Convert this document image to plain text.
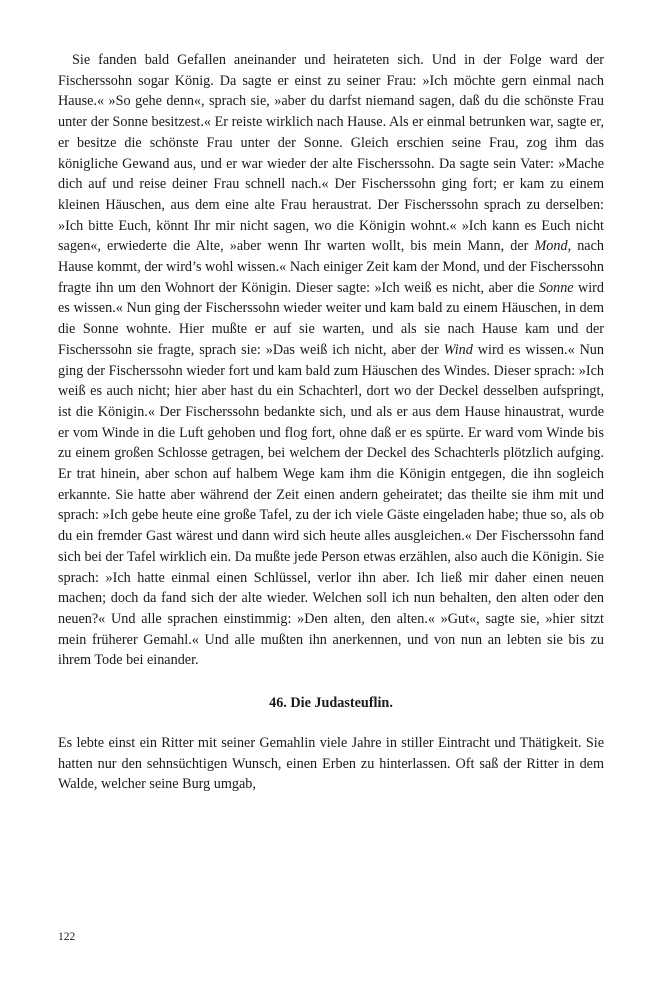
Sie fanden bald Gefallen aneinander und heirateten sich. Und in der Folge ward der Fischerssohn sogar König. Da sagte er einst zu seiner Frau: »Ich möchte gern einmal nach Hause.« »So gehe denn«, sprach sie, »aber du darfst niemand sagen, daß du die schönste Frau unter der Sonne besitzest.« Er reiste wirklich nach Hause. Als er einmal betrunken war, sagte er, er besitze die schönste Frau unter der Sonne. Gleich erschien seine Frau, zog ihm das königliche Gewand aus, und er war wieder der alte Fischerssohn. Da sagte sein Vater: »Mache dich auf und reise deiner Frau schnell nach.« Der Fischerssohn ging fort; er kam zu einem kleinen Häuschen, aus dem eine alte Frau heraustrat. Der Fischerssohn sprach zu derselben: »Ich bitte Euch, könnt Ihr mir nicht sagen, wo die Königin wohnt.« »Ich kann es Euch nicht sagen«, erwiederte die Alte, »aber wenn Ihr warten wollt, bis mein Mann, der Mond, nach Hause kommt, der wird’s wohl wissen.« Nach einiger Zeit kam der Mond, und der Fischerssohn fragte ihn um den Wohnort der Königin. Dieser sagte: »Ich weiß es nicht, aber die Sonne wird es wissen.« Nun ging der Fischerssohn wieder weiter und kam bald zu einem Häuschen, in dem die Sonne wohnte. Hier mußte er auf sie warten, und als sie nach Hause kam und der Fischerssohn sie fragte, sprach sie: »Das weiß ich nicht, aber der Wind wird es wissen.« Nun ging der Fischerssohn wieder fort und kam bald zum Häuschen des Windes. Dieser sprach: »Ich weiß es auch nicht; hier aber hast du ein Schachterl, dort wo der Deckel desselben aufspringt, ist die Königin.« Der Fischerssohn bedankte sich, und als er aus dem Hause hinaustrat, wurde er vom Winde in die Luft gehoben und flog fort, ohne daß er es spürte. Er ward vom Winde bis zu einem großen Schlosse getragen, bei welchem der Deckel des Schachterls plötzlich aufging. Er trat hinein, aber schon auf halbem Wege kam ihm die Königin entgegen, die ihn sogleich erkannte. Sie hatte aber während der Zeit einen andern geheiratet; das theilte sie ihm mit und sprach: »Ich gebe heute eine große Tafel, zu der ich viele Gäste eingeladen habe; thue so, als ob du ein fremder Gast wärest und dann wird sich heute alles ausgleichen.« Der Fischerssohn fand sich bei der Tafel wirklich ein. Da mußte jede Person etwas erzählen, also auch die Königin. Sie sprach: »Ich hatte einmal einen Schlüssel, verlor ihn aber. Ich ließ mir daher einen neuen machen; doch da fand sich der alte wieder. Welchen soll ich nun behalten, den alten oder den neuen?« Und alle sprachen einstimmig: »Den alten, den alten.« »Gut«, sagte sie, »hier sitzt mein früherer Gemahl.« Und alle mußten ihn anerkennen, und von nun an lebten sie bis zu ihrem Tode bei einander.

46. Die Judasteuflin.

Es lebte einst ein Ritter mit seiner Gemahlin viele Jahre in stiller Eintracht und Thätigkeit. Sie hatten nur den sehnsüchtigen Wunsch, einen Erben zu hinterlassen. Oft saß der Ritter in dem Walde, welcher seine Burg umgab,

122
